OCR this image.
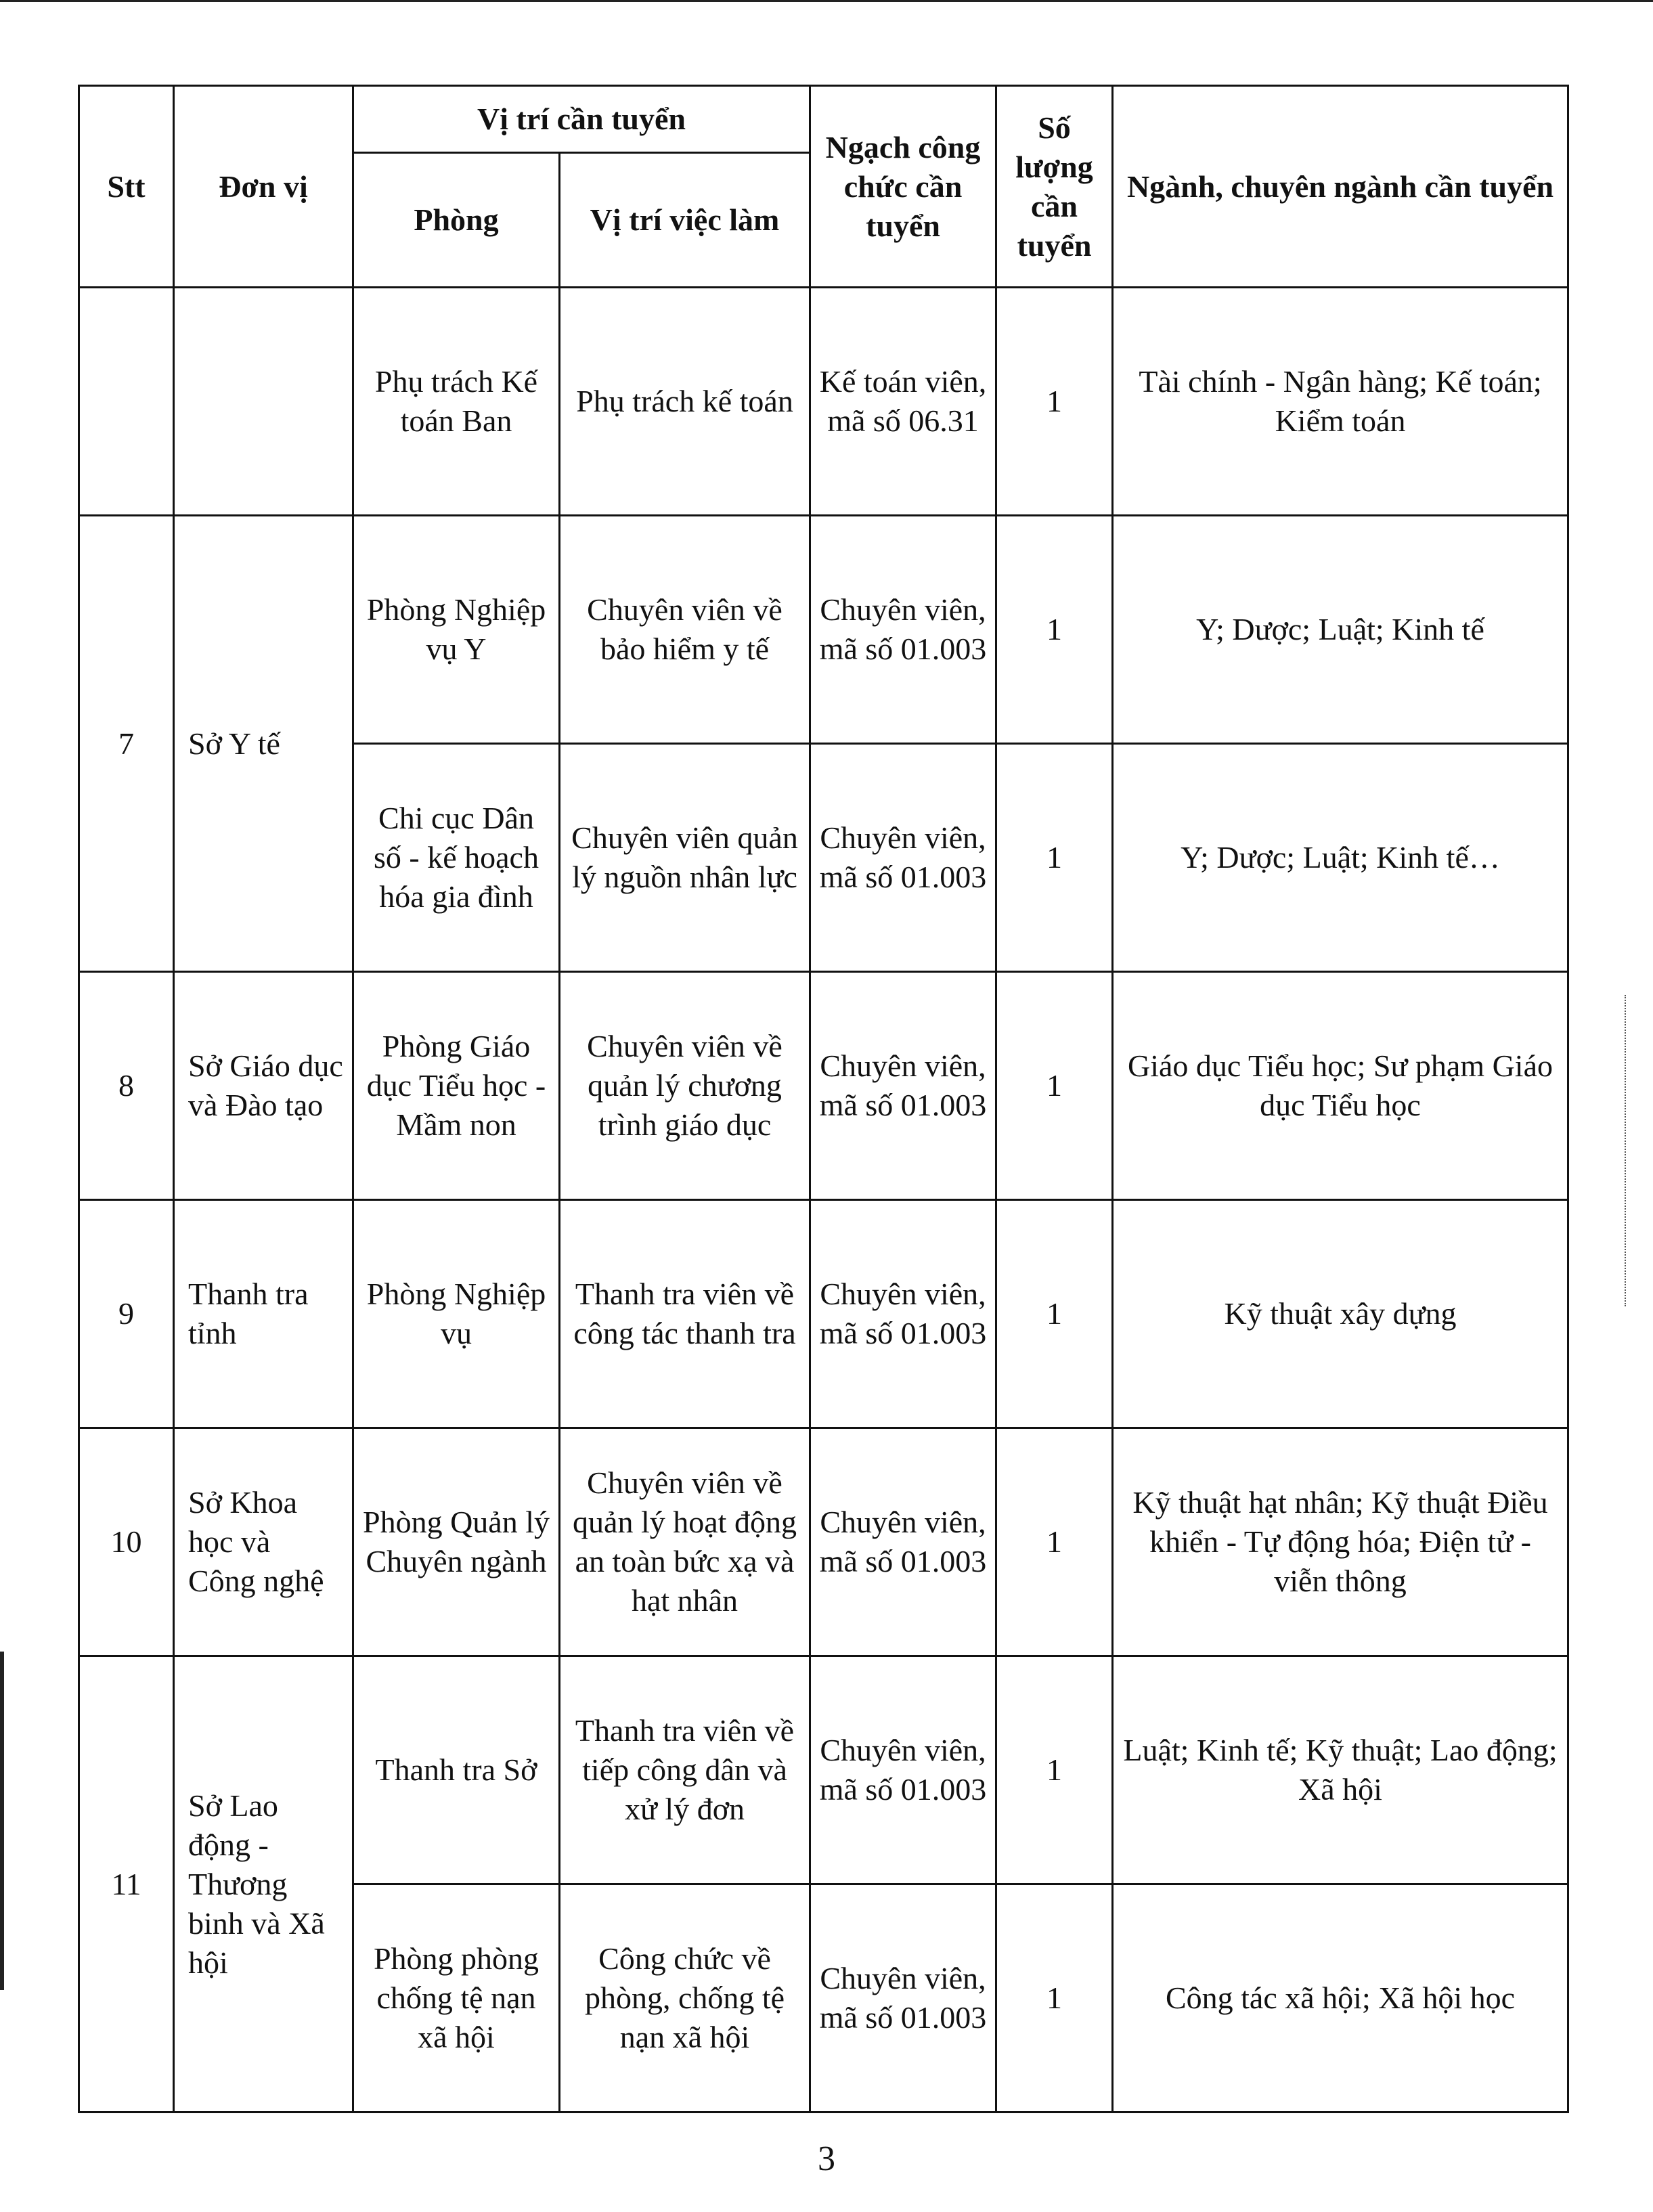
Stt	Đơn vị	Vị trí cần tuyển		Ngạch công chức cần tuyển	Số lượng cần tuyển	Ngành, chuyên ngành cần tuyển
		Phòng	Vị trí việc làm			
		Phụ trách Kế toán Ban	Phụ trách kế toán	Kế toán viên, mã số 06.31	1	Tài chính - Ngân hàng; Kế toán; Kiểm toán
7	Sở Y tế	Phòng Nghiệp vụ Y	Chuyên viên về bảo hiểm y tế	Chuyên viên, mã số 01.003	1	Y; Dược; Luật; Kinh tế
		Chi cục Dân số - kế hoạch hóa gia đình	Chuyên viên quản lý nguồn nhân lực	Chuyên viên, mã số 01.003	1	Y; Dược; Luật; Kinh tế…
8	Sở Giáo dục và Đào tạo	Phòng Giáo dục Tiểu học - Mầm non	Chuyên viên về quản lý chương trình giáo dục	Chuyên viên, mã số 01.003	1	Giáo dục Tiểu học; Sư phạm Giáo dục Tiểu học
9	Thanh tra tỉnh	Phòng Nghiệp vụ	Thanh tra viên về công tác thanh tra	Chuyên viên, mã số 01.003	1	Kỹ thuật xây dựng
10	Sở Khoa học và Công nghệ	Phòng Quản lý Chuyên ngành	Chuyên viên về quản lý hoạt động an toàn bức xạ và hạt nhân	Chuyên viên, mã số 01.003	1	Kỹ thuật hạt nhân; Kỹ thuật Điều khiển - Tự động hóa; Điện tử - viễn thông
11	Sở Lao động - Thương binh và Xã hội	Thanh tra Sở	Thanh tra viên về tiếp công dân và xử lý đơn	Chuyên viên, mã số 01.003	1	Luật; Kinh tế; Kỹ thuật; Lao động; Xã hội
		Phòng phòng chống tệ nạn xã hội	Công chức về phòng, chống tệ nạn xã hội	Chuyên viên, mã số 01.003	1	Công tác xã hội; Xã hội học
3
